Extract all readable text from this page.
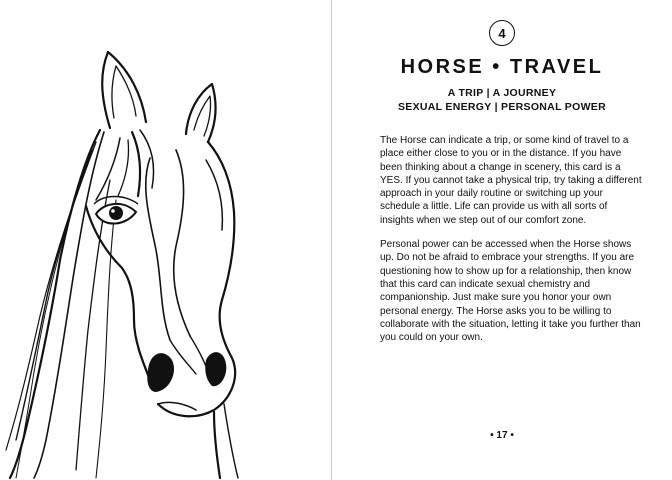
4
HORSE • TRAVEL
A TRIP | A JOURNEY
SEXUAL ENERGY | PERSONAL POWER

The Horse can indicate a trip, or some kind of travel to a place either close to you or in the distance. If you have been thinking about a change in scenery, this card is a YES. If you cannot take a physical trip, try taking a different approach in your daily routine or switching up your schedule a little. Life can provide us with all sorts of insights when we step out of our comfort zone.

Personal power can be accessed when the Horse shows up. Do not be afraid to embrace your strengths. If you are questioning how to show up for a relationship, then know that this card can indicate sexual chemistry and companionship. Just make sure you honor your own personal energy. The Horse asks you to be willing to collaborate with the situation, letting it take you further than you could on your own.

• 17 •
